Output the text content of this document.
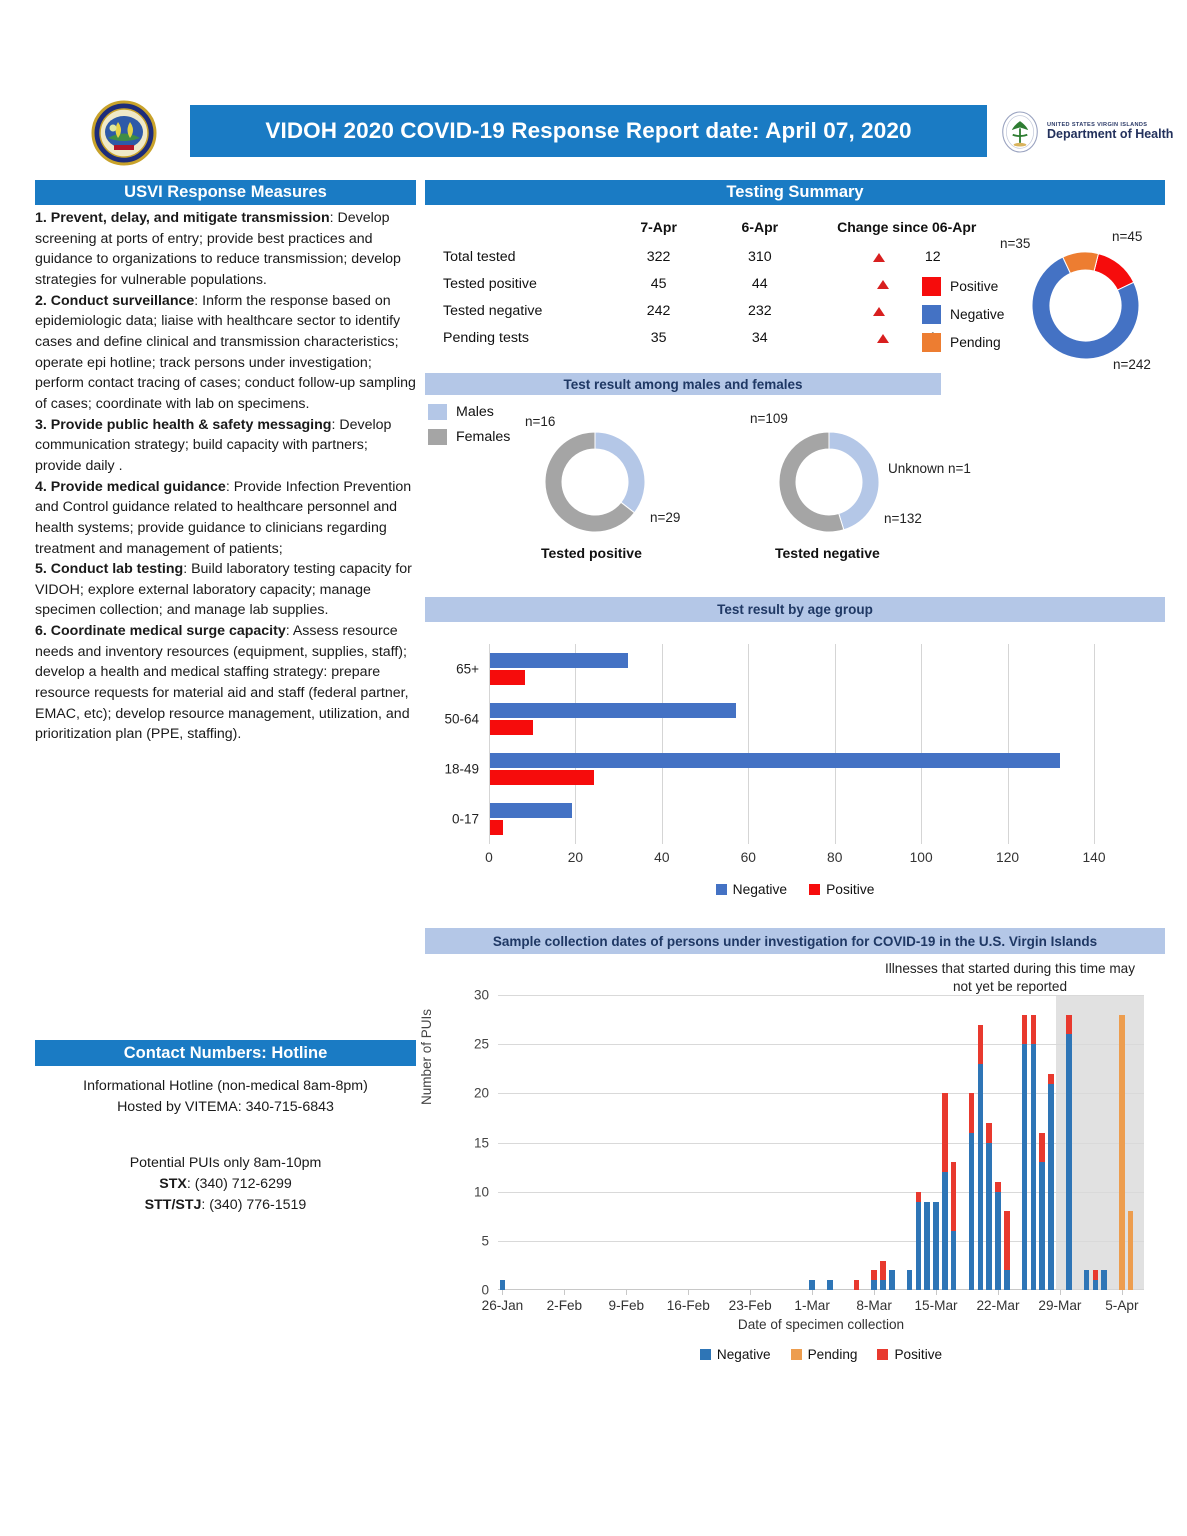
VIDOH 2020 COVID-19 Response Report date: April 07, 2020	UNITED STATES VIRGIN ISLANDS
Department of Health
USVI Response Measures
1. Prevent, delay, and mitigate transmission: Develop screening at ports of entry; provide best practices and guidance to organizations to reduce transmission; develop strategies for vulnerable populations.
2. Conduct surveillance: Inform the response based on epidemiologic data; liaise with healthcare sector to identify cases and define clinical and transmission characteristics; operate epi hotline; track persons under investigation; perform contact tracing of cases; conduct follow-up sampling of cases; coordinate with lab on specimens.
3. Provide public health & safety messaging: Develop communication strategy; build capacity with partners; provide daily .
4. Provide medical guidance: Provide Infection Prevention and Control guidance related to healthcare personnel and health systems; provide guidance to clinicians regarding treatment and management of patients;
5. Conduct lab testing: Build laboratory testing capacity for VIDOH; explore external laboratory capacity; manage specimen collection; and manage lab supplies.
6. Coordinate medical surge capacity: Assess resource needs and inventory resources (equipment, supplies, staff); develop a health and medical staffing strategy: prepare resource requests for material aid and staff (federal partner, EMAC, etc); develop resource management, utilization, and prioritization plan (PPE, staffing).
Contact Numbers: Hotline
Informational Hotline (non-medical 8am-8pm)
Hosted by VITEMA: 340-715-6843
Potential PUIs only 8am-10pm
STX: (340) 712-6299
STT/STJ: (340) 776-1519
Testing Summary
	7-Apr	6-Apr	Change since 06-Apr
Total tested	322	310	12
Tested positive	45	44	
Tested negative	242	232	
Pending tests	35	34	
Positive
Negative
Pending
n=45
n=35
n=242
Test result among males and females
Males
Females
n=16
n=29
Tested positive
n=109
n=132
Unknown n=1
Tested negative
Test result by age group
0	20	40	60	80	100	120	140
0-17
18-49
50-64
65+
Negative	Positive
Sample collection dates of persons under investigation for COVID-19 in the U.S. Virgin Islands
Illnesses that started during this time may not yet be reported
Number of PUIs
0
5
10
15
20
25
30
26-Jan 2-Feb 9-Feb 16-Feb 23-Feb 1-Mar 8-Mar 15-Mar 22-Mar 29-Mar 5-Apr
Date of specimen collection
Negative	Pending	Positive
